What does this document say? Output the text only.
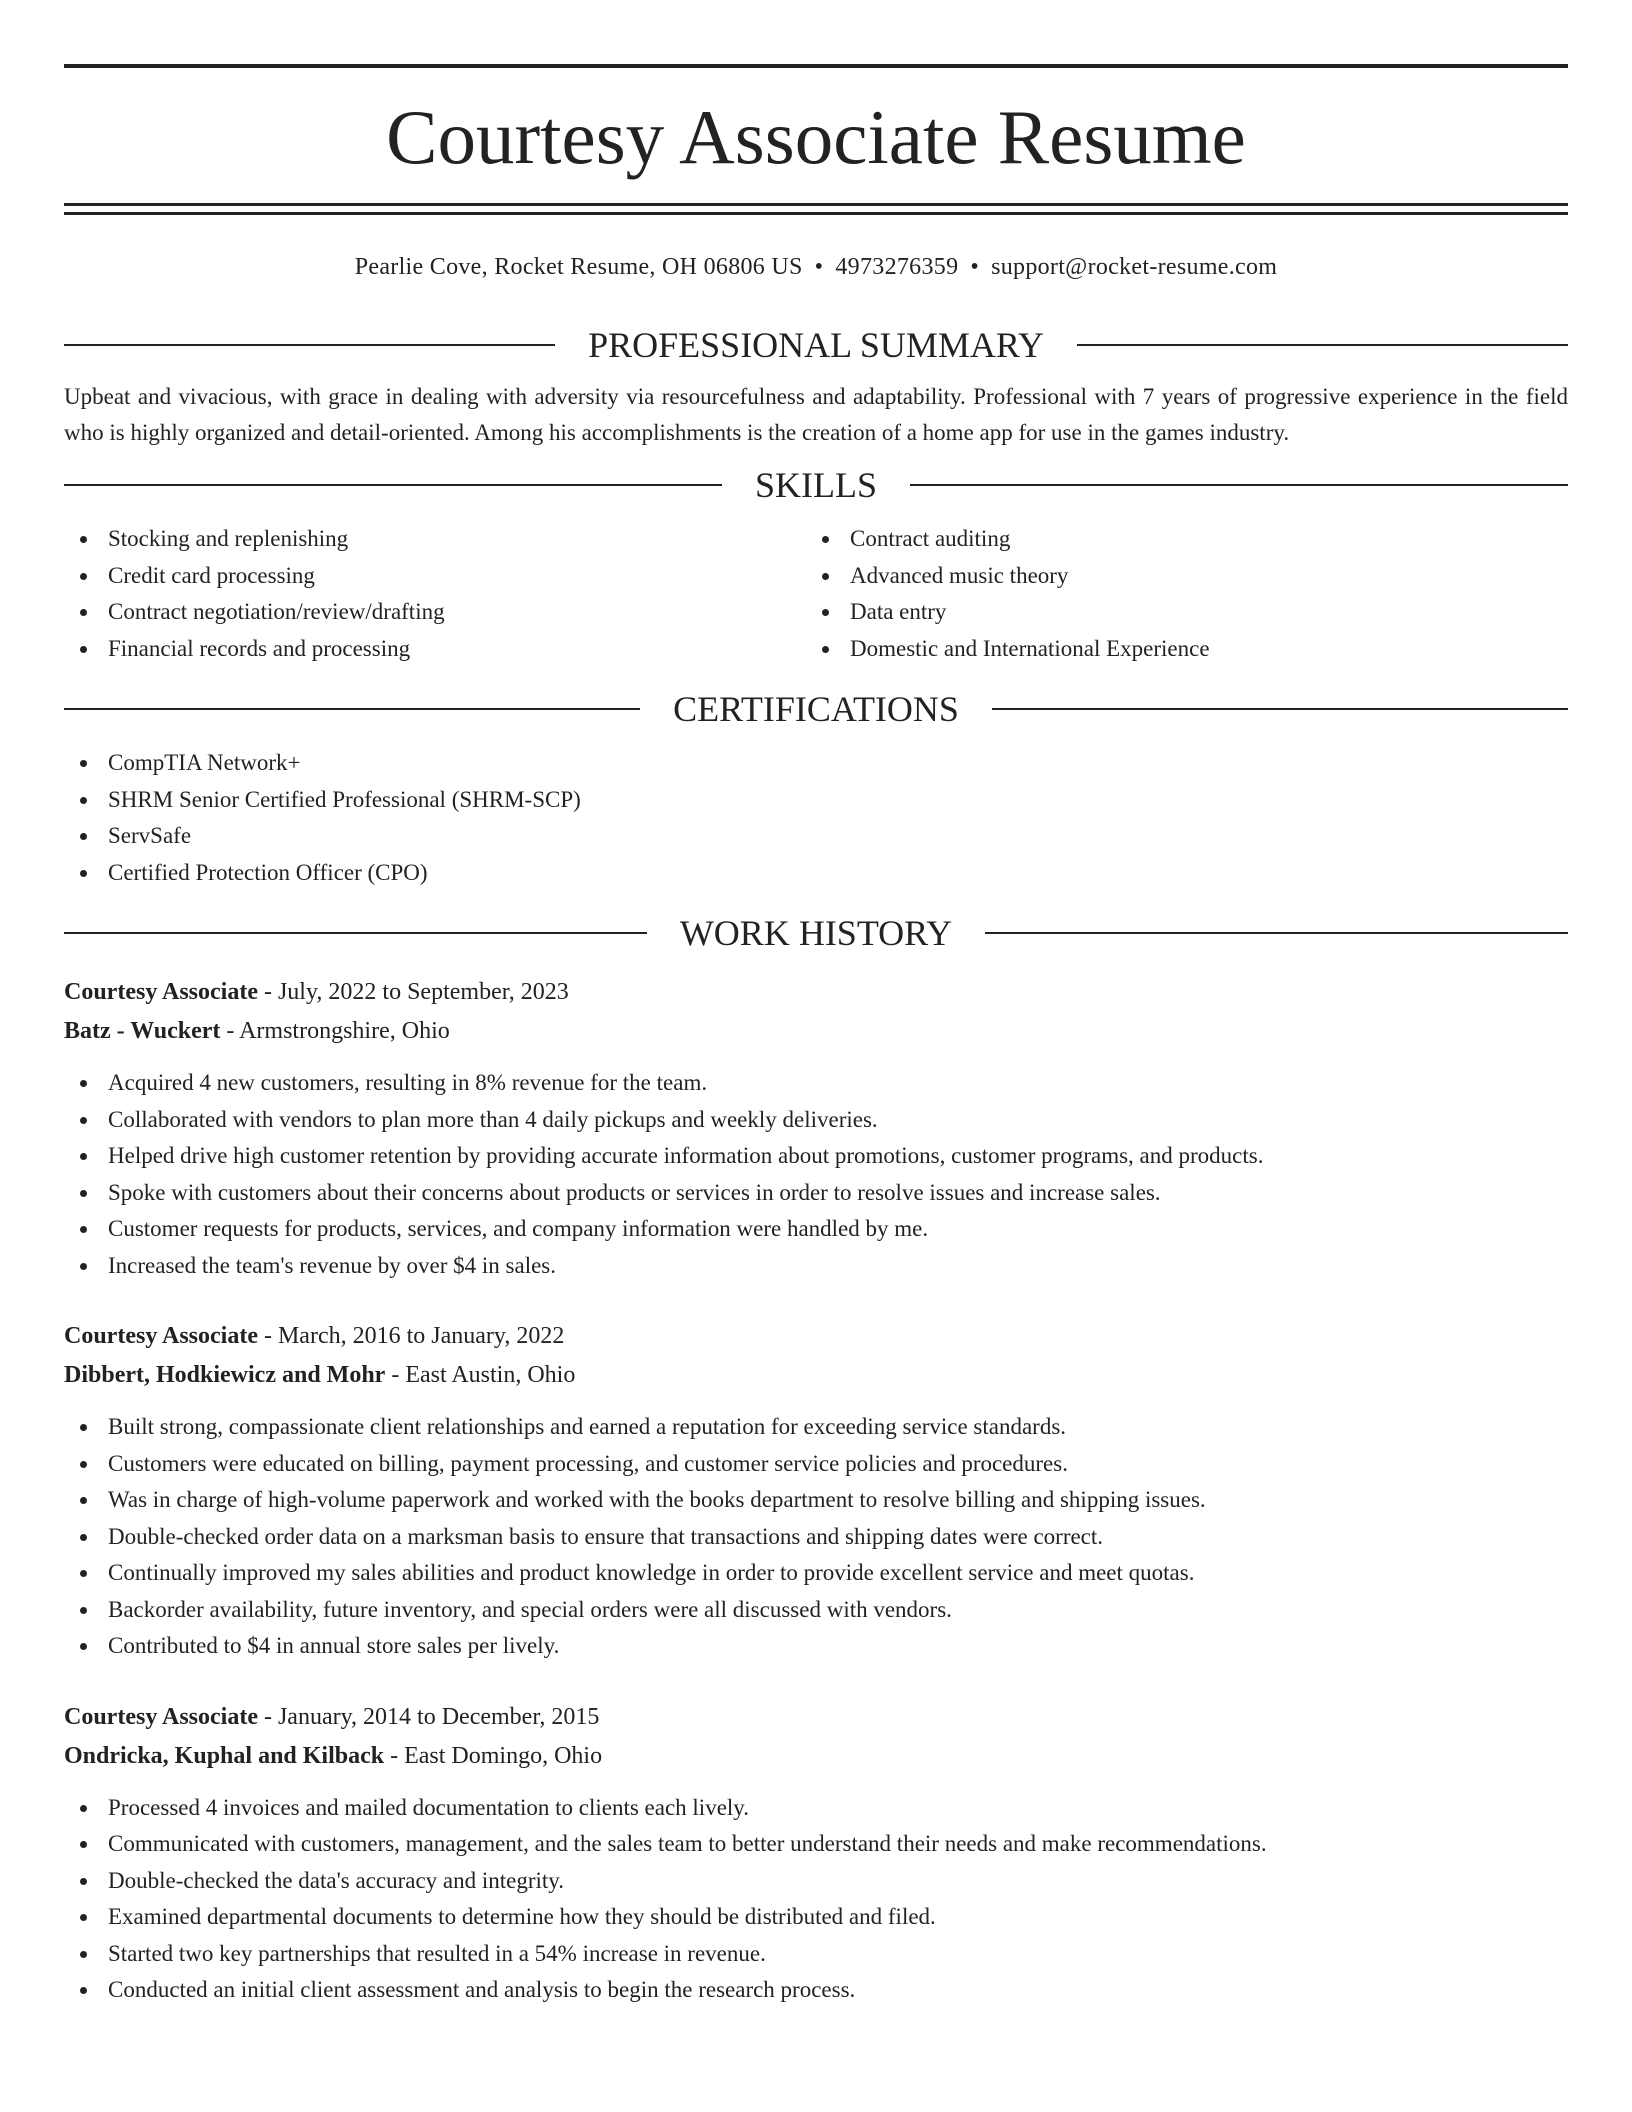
Courtesy Associate Resume
Pearlie Cove, Rocket Resume, OH 06806 US • 4973276359 • support@rocket-resume.com
PROFESSIONAL SUMMARY

Upbeat and vivacious, with grace in dealing with adversity via resourcefulness and adaptability. Professional with 7 years of progressive experience in the field who is highly organized and detail-oriented. Among his accomplishments is the creation of a home app for use in the games industry.

SKILLS
Stocking and replenishing
Credit card processing
Contract negotiation/review/drafting
Financial records and processing
Contract auditing
Advanced music theory
Data entry
Domestic and International Experience
CERTIFICATIONS
CompTIA Network+
SHRM Senior Certified Professional (SHRM-SCP)
ServSafe
Certified Protection Officer (CPO)
WORK HISTORY
Courtesy Associate - July, 2022 to September, 2023
Batz - Wuckert - Armstrongshire, Ohio
Acquired 4 new customers, resulting in 8% revenue for the team.
Collaborated with vendors to plan more than 4 daily pickups and weekly deliveries.
Helped drive high customer retention by providing accurate information about promotions, customer programs, and products.
Spoke with customers about their concerns about products or services in order to resolve issues and increase sales.
Customer requests for products, services, and company information were handled by me.
Increased the team's revenue by over $4 in sales.
Courtesy Associate - March, 2016 to January, 2022
Dibbert, Hodkiewicz and Mohr - East Austin, Ohio
Built strong, compassionate client relationships and earned a reputation for exceeding service standards.
Customers were educated on billing, payment processing, and customer service policies and procedures.
Was in charge of high-volume paperwork and worked with the books department to resolve billing and shipping issues.
Double-checked order data on a marksman basis to ensure that transactions and shipping dates were correct.
Continually improved my sales abilities and product knowledge in order to provide excellent service and meet quotas.
Backorder availability, future inventory, and special orders were all discussed with vendors.
Contributed to $4 in annual store sales per lively.
Courtesy Associate - January, 2014 to December, 2015
Ondricka, Kuphal and Kilback - East Domingo, Ohio
Processed 4 invoices and mailed documentation to clients each lively.
Communicated with customers, management, and the sales team to better understand their needs and make recommendations.
Double-checked the data's accuracy and integrity.
Examined departmental documents to determine how they should be distributed and filed.
Started two key partnerships that resulted in a 54% increase in revenue.
Conducted an initial client assessment and analysis to begin the research process.
